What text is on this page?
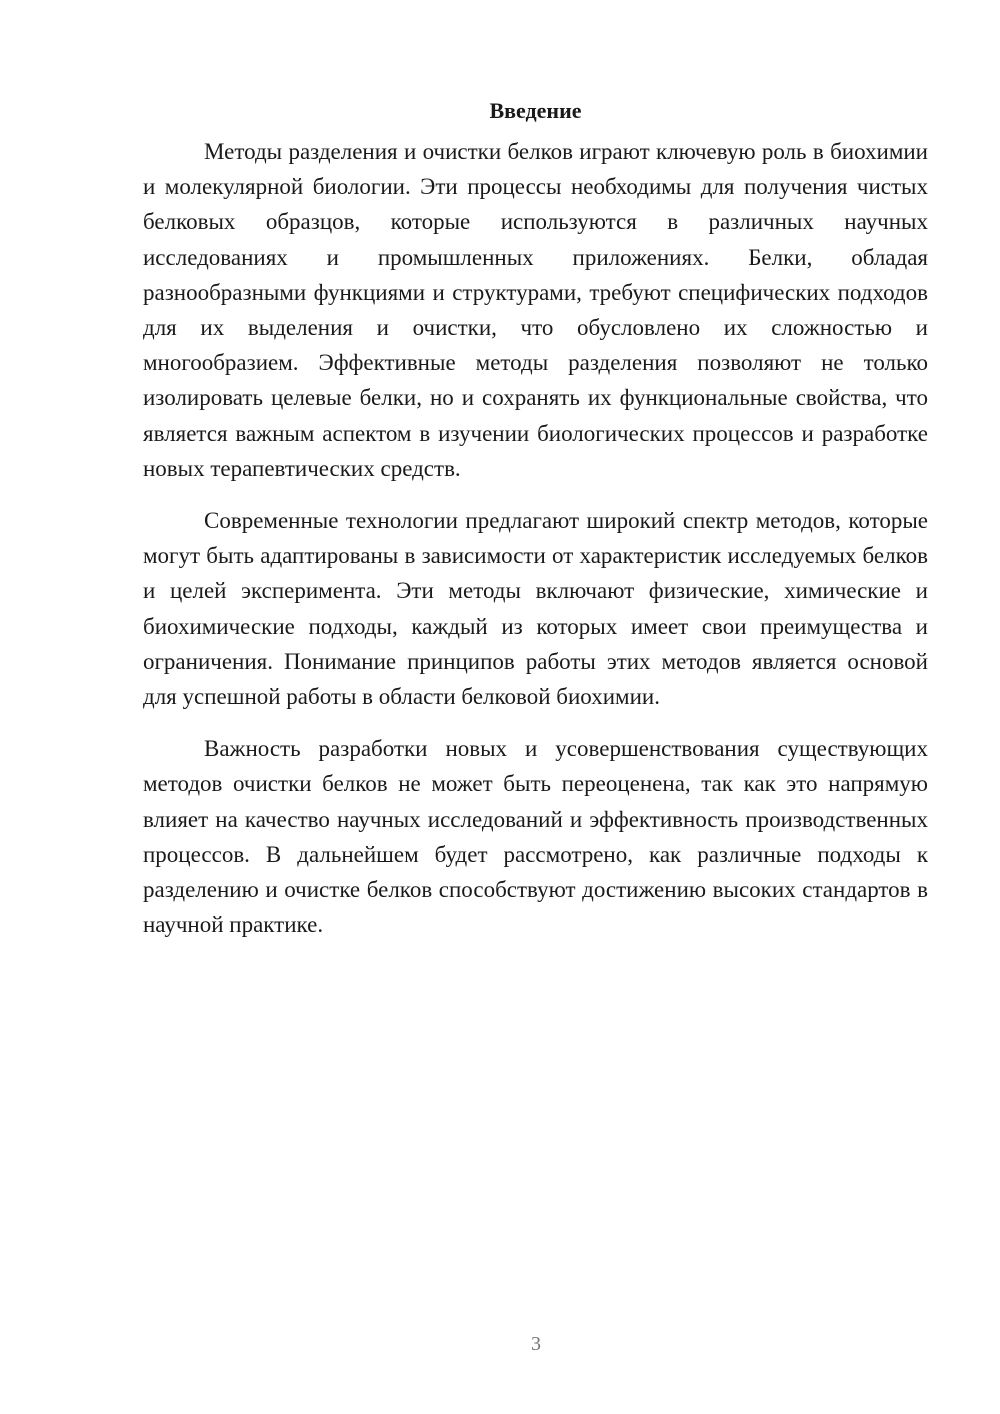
Введение

Методы разделения и очистки белков играют ключевую роль в биохимии и молекулярной биологии. Эти процессы необходимы для получения чистых белковых образцов, которые используются в различных научных исследованиях и промышленных приложениях. Белки, обладая разнообразными функциями и структурами, требуют специфических подходов для их выделения и очистки, что обусловлено их сложностью и многообразием. Эффективные методы разделения позволяют не только изолировать целевые белки, но и сохранять их функциональные свойства, что является важным аспектом в изучении биологических процессов и разработке новых терапевтических средств.

Современные технологии предлагают широкий спектр методов, которые могут быть адаптированы в зависимости от характеристик исследуемых белков и целей эксперимента. Эти методы включают физические, химические и биохимические подходы, каждый из которых имеет свои преимущества и ограничения. Понимание принципов работы этих методов является основой для успешной работы в области белковой биохимии.

Важность разработки новых и усовершенствования существующих методов очистки белков не может быть переоценена, так как это напрямую влияет на качество научных исследований и эффективность производственных процессов. В дальнейшем будет рассмотрено, как различные подходы к разделению и очистке белков способствуют достижению высоких стандартов в научной практике.

3
